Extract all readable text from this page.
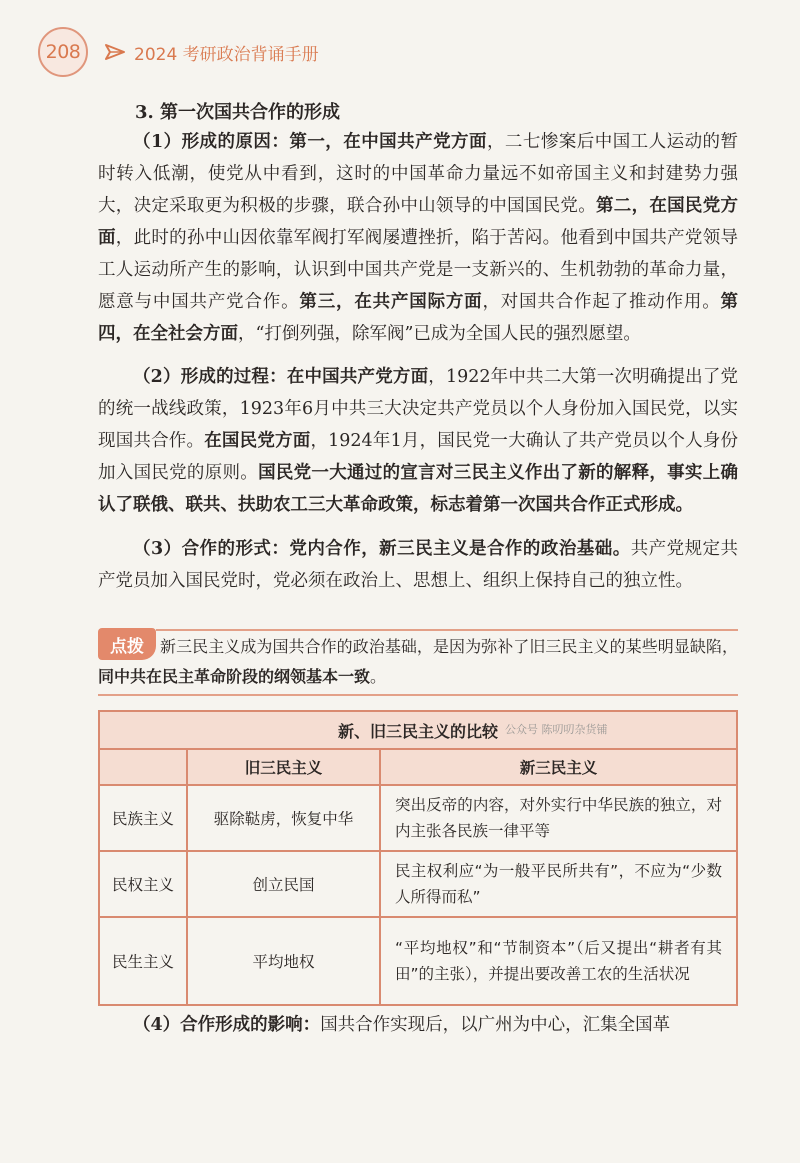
208	2024 考研政治背诵手册
3. 第一次国共合作的形成

（1）形成的原因：第一，在中国共产党方面，二七惨案后中国工人运动的暂时转入低潮，使党从中看到，这时的中国革命力量远不如帝国主义和封建势力强大，决定采取更为积极的步骤，联合孙中山领导的中国国民党。第二，在国民党方面，此时的孙中山因依靠军阀打军阀屡遭挫折，陷于苦闷。他看到中国共产党领导工人运动所产生的影响，认识到中国共产党是一支新兴的、生机勃勃的革命力量，愿意与中国共产党合作。第三，在共产国际方面，对国共合作起了推动作用。第四，在全社会方面，“打倒列强，除军阀”已成为全国人民的强烈愿望。

（2）形成的过程：在中国共产党方面，1922年中共二大第一次明确提出了党的统一战线政策，1923年6月中共三大决定共产党员以个人身份加入国民党，以实现国共合作。在国民党方面，1924年1月，国民党一大确认了共产党员以个人身份加入国民党的原则。国民党一大通过的宣言对三民主义作出了新的解释，事实上确认了联俄、联共、扶助农工三大革命政策，标志着第一次国共合作正式形成。

（3）合作的形式：党内合作，新三民主义是合作的政治基础。共产党规定共产党员加入国民党时，党必须在政治上、思想上、组织上保持自己的独立性。

点拨	新三民主义成为国共合作的政治基础，是因为弥补了旧三民主义的某些明显缺陷，同中共在民主革命阶段的纲领基本一致。

新、旧三民主义的比较 公众号 陈叨叨杂货铺		

	旧三民主义	新三民主义
民族主义	驱除鞑虏，恢复中华	突出反帝的内容，对外实行中华民族的独立，对内主张各民族一律平等
民权主义	创立民国	民主权利应“为一般平民所共有”，不应为“少数人所得而私”
民生主义	平均地权	“平均地权”和“节制资本”（后又提出“耕者有其田”的主张），并提出要改善工农的生活状况

（4）合作形成的影响：国共合作实现后，以广州为中心，汇集全国革
